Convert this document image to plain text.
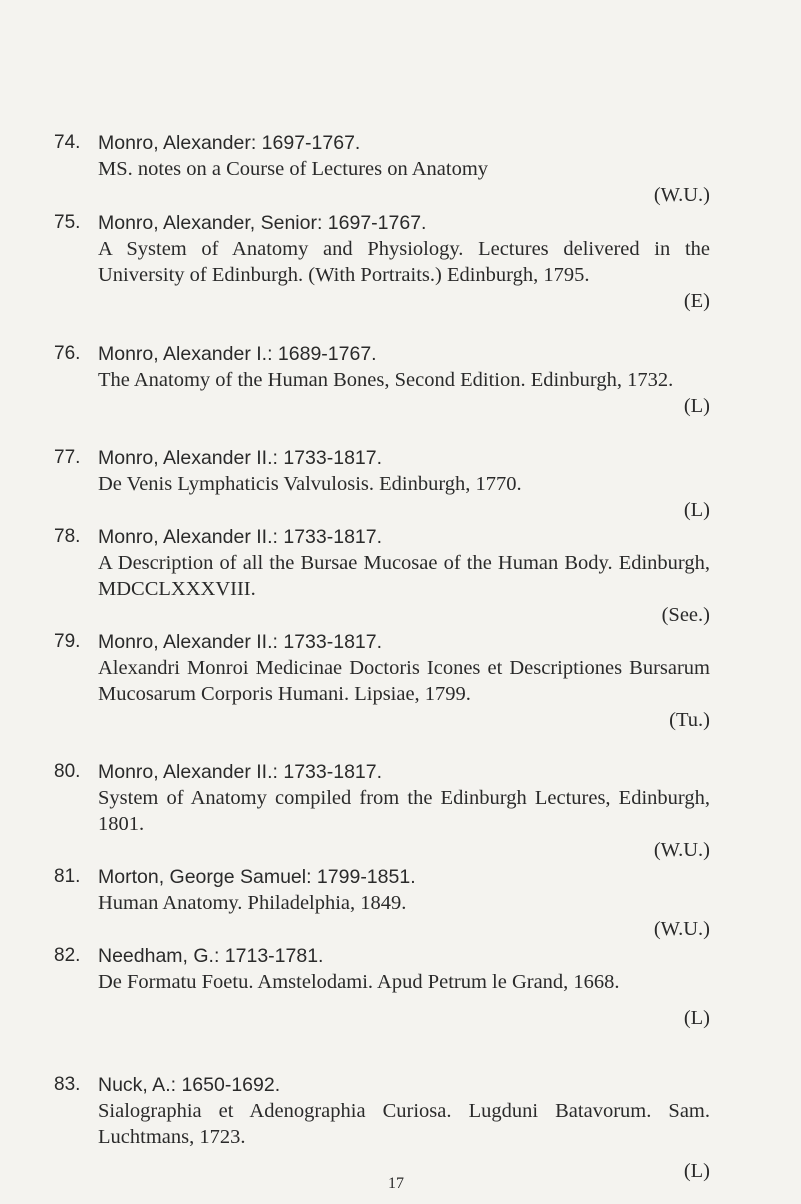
74. Monro, Alexander: 1697-1767.
MS. notes on a Course of Lectures on Anatomy
(W.U.)
75. Monro, Alexander, Senior: 1697-1767.
A System of Anatomy and Physiology. Lectures delivered in the University of Edinburgh. (With Portraits.) Edinburgh, 1795.
(E)
76. Monro, Alexander I.: 1689-1767.
The Anatomy of the Human Bones, Second Edition. Edinburgh, 1732.
(L)
77. Monro, Alexander II.: 1733-1817.
De Venis Lymphaticis Valvulosis. Edinburgh, 1770.
(L)
78. Monro, Alexander II.: 1733-1817.
A Description of all the Bursae Mucosae of the Human Body. Edinburgh, MDCCLXXXVIII.
(See.)
79. Monro, Alexander II.: 1733-1817.
Alexandri Monroi Medicinae Doctoris Icones et Descriptiones Bursarum Mucosarum Corporis Humani. Lipsiae, 1799.
(Tu.)
80. Monro, Alexander II.: 1733-1817.
System of Anatomy compiled from the Edinburgh Lectures, Edinburgh, 1801.
(W.U.)
81. Morton, George Samuel: 1799-1851.
Human Anatomy. Philadelphia, 1849.
(W.U.)
82. Needham, G.: 1713-1781.
De Formatu Foetu. Amstelodami. Apud Petrum le Grand, 1668.
(L)
83. Nuck, A.: 1650-1692.
Sialographia et Adenographia Curiosa. Lugduni Batavorum. Sam. Luchtmans, 1723.
(L)
17
